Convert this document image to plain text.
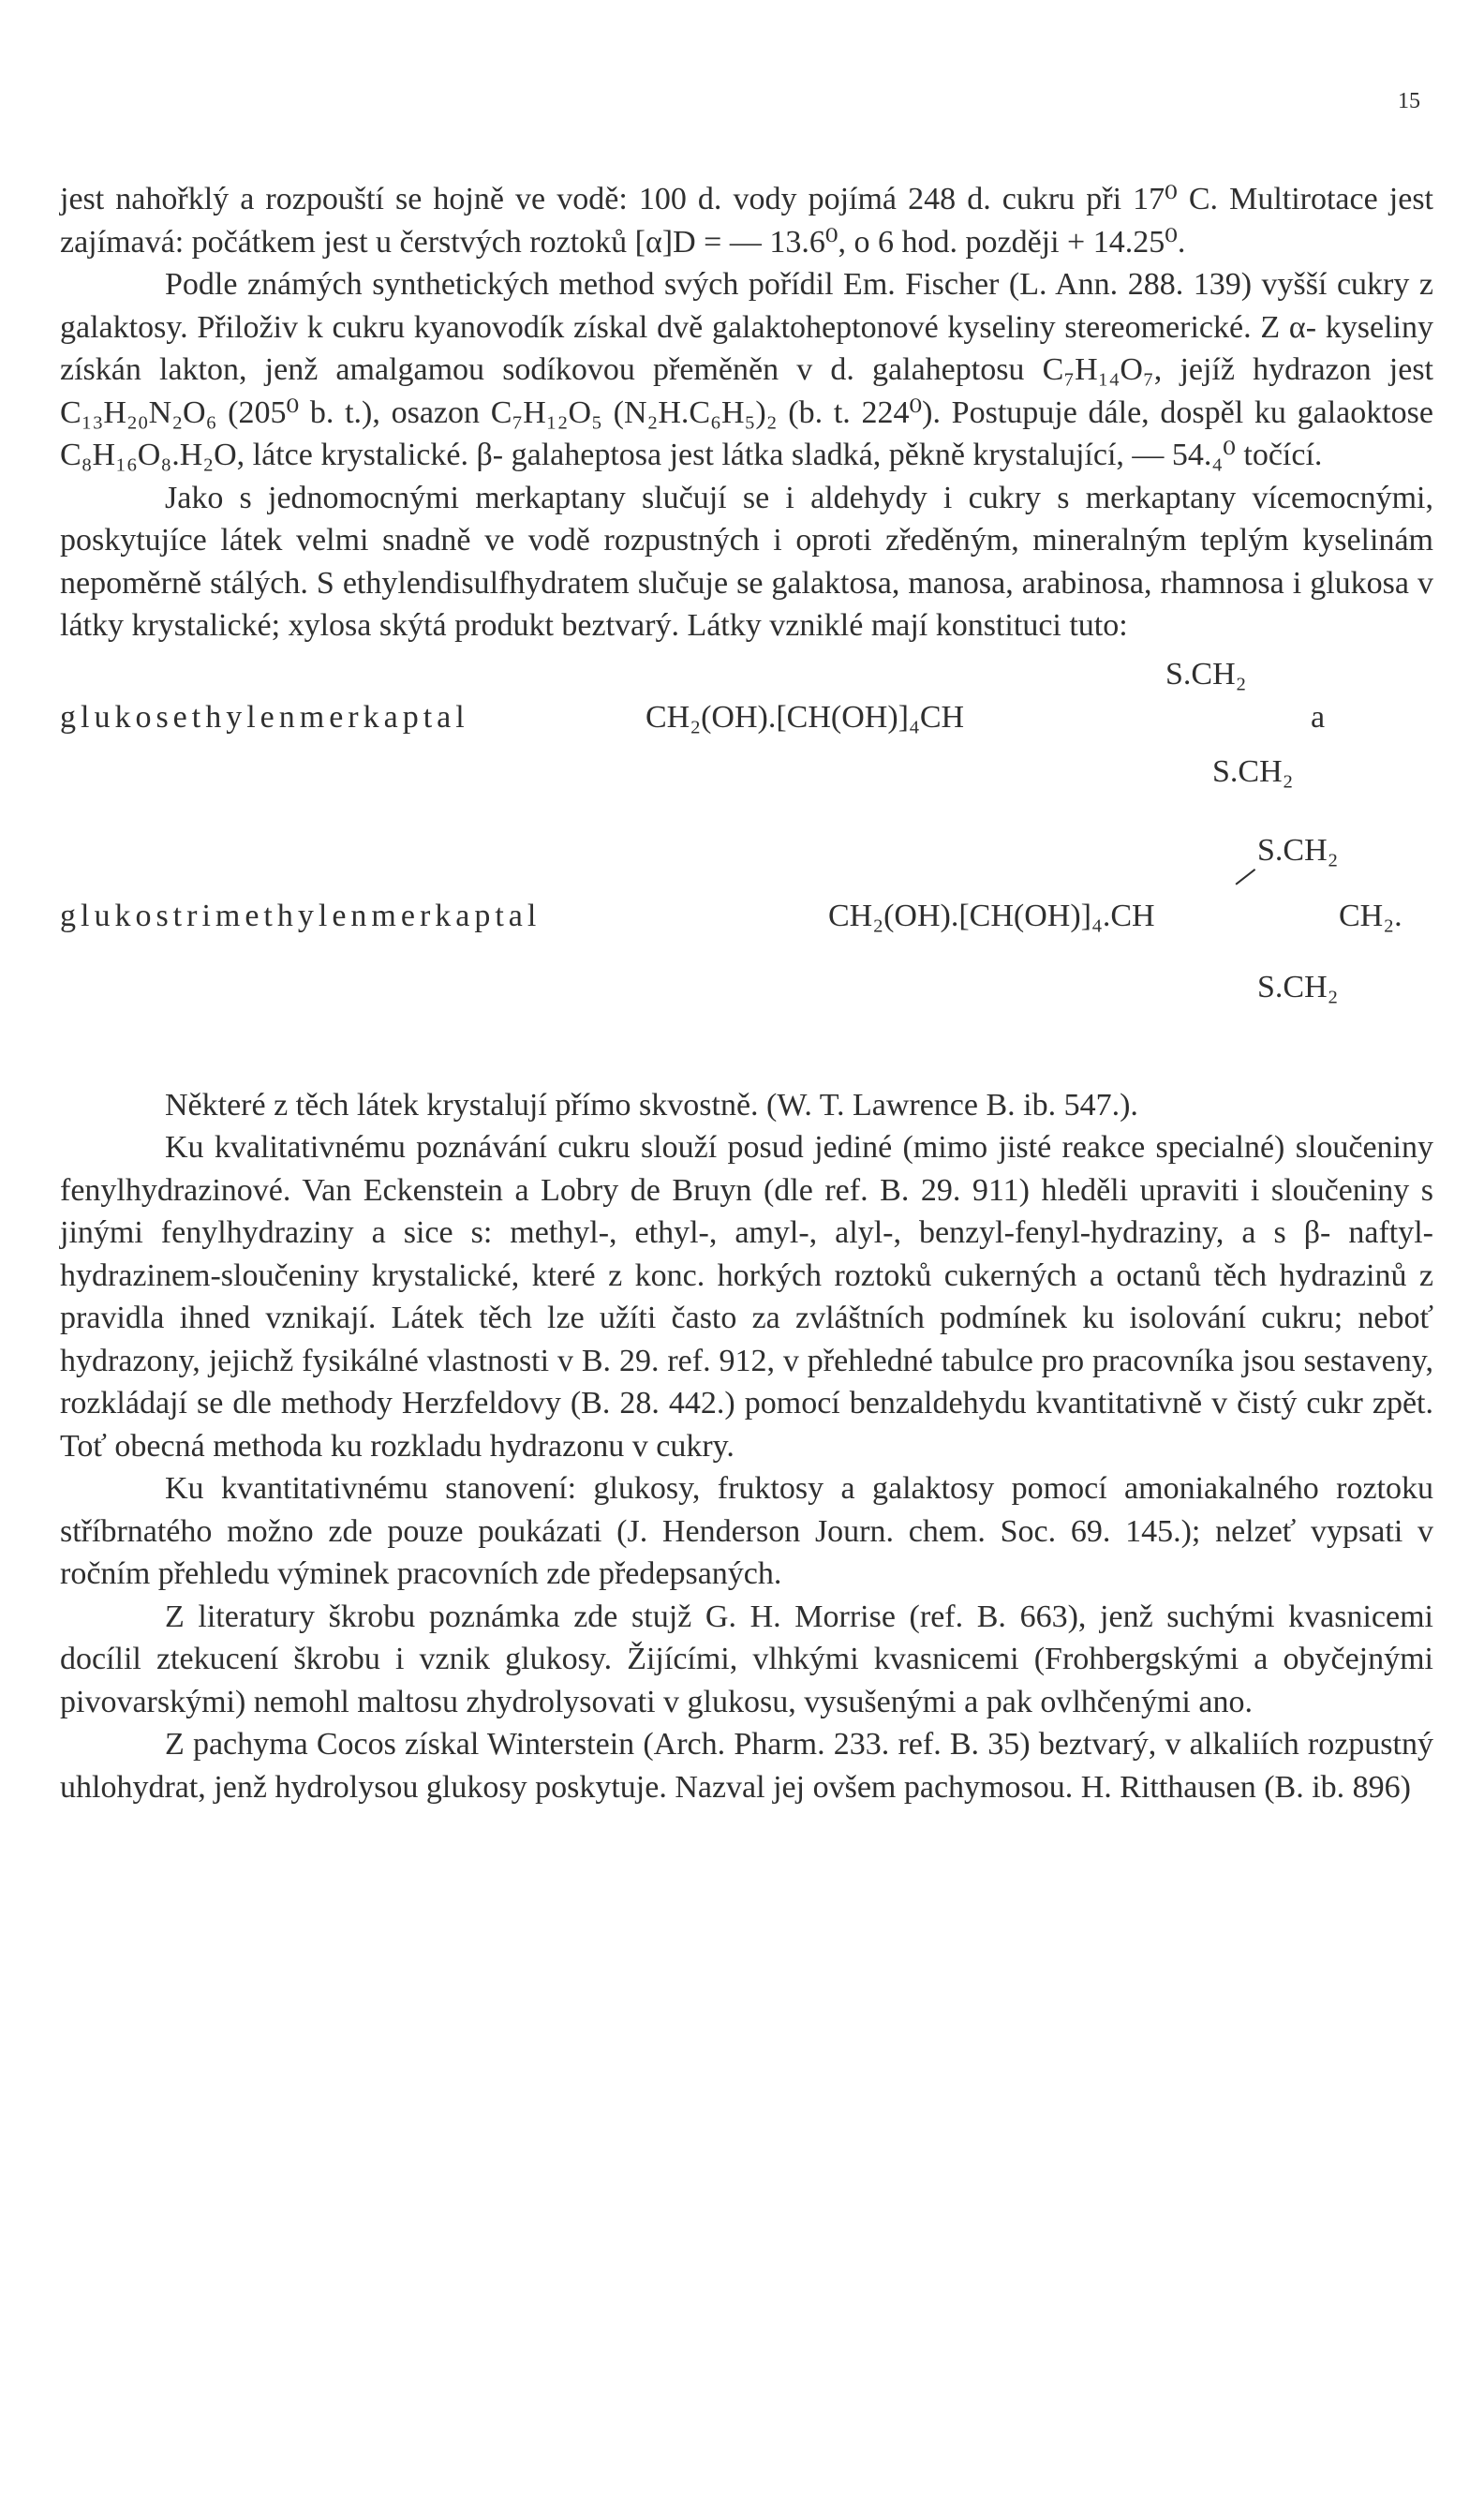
15

jest nahořklý a rozpouští se hojně ve vodě: 100 d. vody pojímá 248 d. cukru při 17⁰ C. Multirotace jest zajímavá: počátkem jest u čerstvých roztoků [α]D = — 13.6⁰, o 6 hod. později + 14.25⁰.

Podle známých synthetických method svých pořídil Em. Fischer (L. Ann. 288. 139) vyšší cukry z galaktosy. Přiloživ k cukru kyanovodík získal dvě galaktoheptonové kyseliny stereomerické. Z α- kyseliny získán lakton, jenž amalgamou sodíkovou přeměněn v d. galaheptosu C₇H₁₄O₇, jejíž hydrazon jest C₁₃H₂₀N₂O₆ (205⁰ b. t.), osazon C₇H₁₂O₅ (N₂H.C₆H₅)₂ (b. t. 224⁰). Postupuje dále, dospěl ku galaoktose C₈H₁₆O₈.H₂O, látce krystalické. β- galaheptosa jest látka sladká, pěkně krystalující, — 54.₄⁰ točící.

Jako s jednomocnými merkaptany slučují se i aldehydy i cukry s merkaptany vícemocnými, poskytujíce látek velmi snadně ve vodě rozpustných i oproti zředěným, mineralným teplým kyselinám nepoměrně stálých. S ethylendisulfhydratem slučuje se galaktosa, manosa, arabinosa, rhamnosa i glukosa v látky krystalické; xylosa skýtá produkt beztvarý. Látky vzniklé mají konstituci tuto:

S.CH₂
glukosethylenmerkaptal	CH₂(OH).[CH(OH)]₄CH	a
S.CH₂
S.CH₂
glukostrimethylenmerkaptal	CH₂(OH).[CH(OH)]₄.CH	CH₂.
S.CH₂

Některé z těch látek krystalují přímo skvostně. (W. T. Lawrence B. ib. 547.).

Ku kvalitativnému poznávání cukru slouží posud jediné (mimo jisté reakce specialné) sloučeniny fenylhydrazinové. Van Eckenstein a Lobry de Bruyn (dle ref. B. 29. 911) hleděli upraviti i sloučeniny s jinými fenylhydraziny a sice s: methyl-, ethyl-, amyl-, alyl-, benzyl-fenyl-hydraziny, a s β- naftyl-hydrazinem-sloučeniny krystalické, které z konc. horkých roztoků cukerných a octanů těch hydrazinů z pravidla ihned vznikají. Látek těch lze užíti často za zvláštních podmínek ku isolování cukru; neboť hydrazony, jejichž fysikálné vlastnosti v B. 29. ref. 912, v přehledné tabulce pro pracovníka jsou sestaveny, rozkládají se dle methody Herzfeldovy (B. 28. 442.) pomocí benzaldehydu kvantitativně v čistý cukr zpět. Toť obecná methoda ku rozkladu hydrazonu v cukry.

Ku kvantitativnému stanovení: glukosy, fruktosy a galaktosy pomocí amoniakalného roztoku stříbrnatého možno zde pouze poukázati (J. Henderson Journ. chem. Soc. 69. 145.); nelzeť vypsati v ročním přehledu výminek pracovních zde předepsaných.

Z literatury škrobu poznámka zde stujž G. H. Morrise (ref. B. 663), jenž suchými kvasnicemi docílil ztekucení škrobu i vznik glukosy. Žijícími, vlhkými kvasnicemi (Frohbergskými a obyčejnými pivovarskými) nemohl maltosu zhydrolysovati v glukosu, vysušenými a pak ovlhčenými ano.

Z pachyma Cocos získal Winterstein (Arch. Pharm. 233. ref. B. 35) beztvarý, v alkaliích rozpustný uhlohydrat, jenž hydrolysou glukosy poskytuje. Nazval jej ovšem pachymosou. H. Ritthausen (B. ib. 896)
